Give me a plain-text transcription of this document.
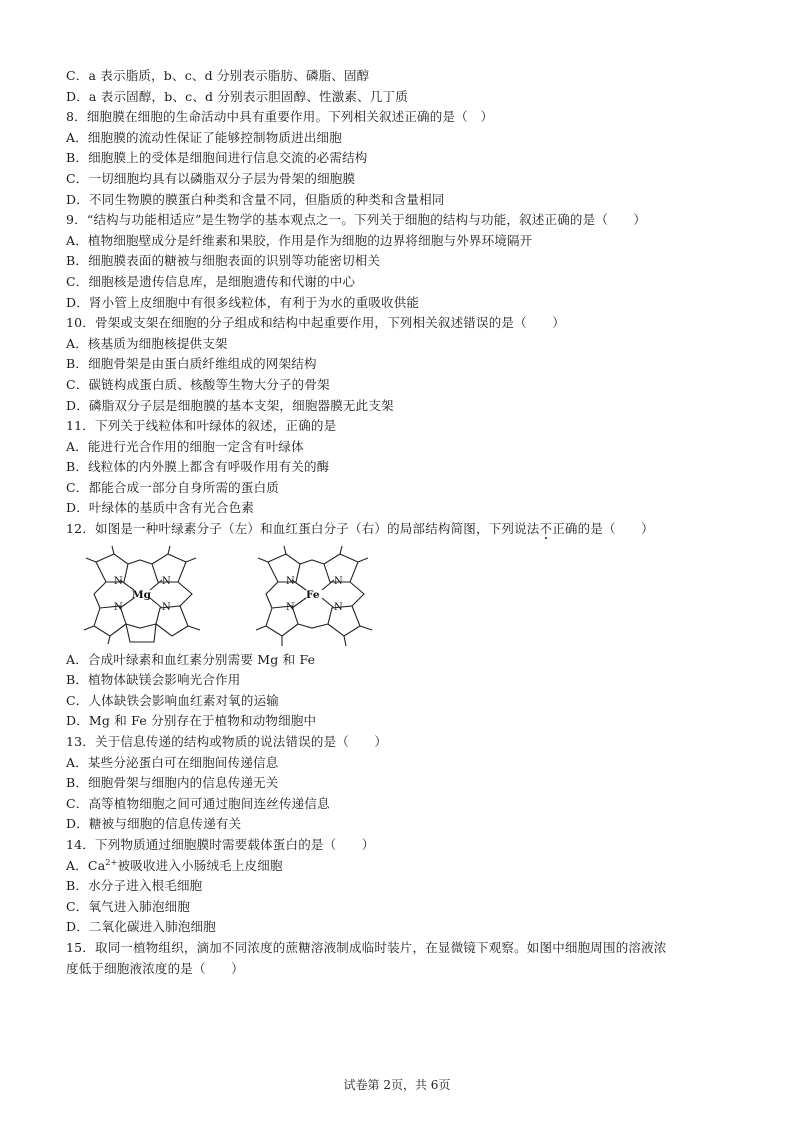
C．a 表示脂质，b、c、d 分别表示脂肪、磷脂、固醇
D．a 表示固醇，b、c、d 分别表示胆固醇、性激素、几丁质
8．细胞膜在细胞的生命活动中具有重要作用。下列相关叙述正确的是（　）
A．细胞膜的流动性保证了能够控制物质进出细胞
B．细胞膜上的受体是细胞间进行信息交流的必需结构
C．一切细胞均具有以磷脂双分子层为骨架的细胞膜
D．不同生物膜的膜蛋白种类和含量不同，但脂质的种类和含量相同
9．“结构与功能相适应”是生物学的基本观点之一。下列关于细胞的结构与功能，叙述正确的是（　　）
A．植物细胞壁成分是纤维素和果胶，作用是作为细胞的边界将细胞与外界环境隔开
B．细胞膜表面的糖被与细胞表面的识别等功能密切相关
C．细胞核是遗传信息库，是细胞遗传和代谢的中心
D．肾小管上皮细胞中有很多线粒体，有利于为水的重吸收供能
10．骨架或支架在细胞的分子组成和结构中起重要作用，下列相关叙述错误的是（　　）
A．核基质为细胞核提供支架
B．细胞骨架是由蛋白质纤维组成的网架结构
C．碳链构成蛋白质、核酸等生物大分子的骨架
D．磷脂双分子层是细胞膜的基本支架，细胞器膜无此支架
11．下列关于线粒体和叶绿体的叙述，正确的是
A．能进行光合作用的细胞一定含有叶绿体
B．线粒体的内外膜上都含有呼吸作用有关的酶
C．都能合成一部分自身所需的蛋白质
D．叶绿体的基质中含有光合色素
12．如图是一种叶绿素分子（左）和血红蛋白分子（右）的局部结构简图，下列说法不正确的是（　　）
N	N
N	N
Mg
N	N
N	N
Fe
A．合成叶绿素和血红素分别需要 Mg 和 Fe
B．植物体缺镁会影响光合作用
C．人体缺铁会影响血红素对氧的运输
D．Mg 和 Fe 分别存在于植物和动物细胞中
13．关于信息传递的结构或物质的说法错误的是（　　）
A．某些分泌蛋白可在细胞间传递信息
B．细胞骨架与细胞内的信息传递无关
C．高等植物细胞之间可通过胞间连丝传递信息
D．糖被与细胞的信息传递有关
14．下列物质通过细胞膜时需要载体蛋白的是（　　）
A．$Ca^{2+}$被吸收进入小肠绒毛上皮细胞
B．水分子进入根毛细胞
C．氧气进入肺泡细胞
D．二氧化碳进入肺泡细胞
15．取同一植物组织，滴加不同浓度的蔗糖溶液制成临时装片，在显微镜下观察。如图中细胞周围的溶液浓
度低于细胞液浓度的是（　　）
试卷第 2页，共 6页
